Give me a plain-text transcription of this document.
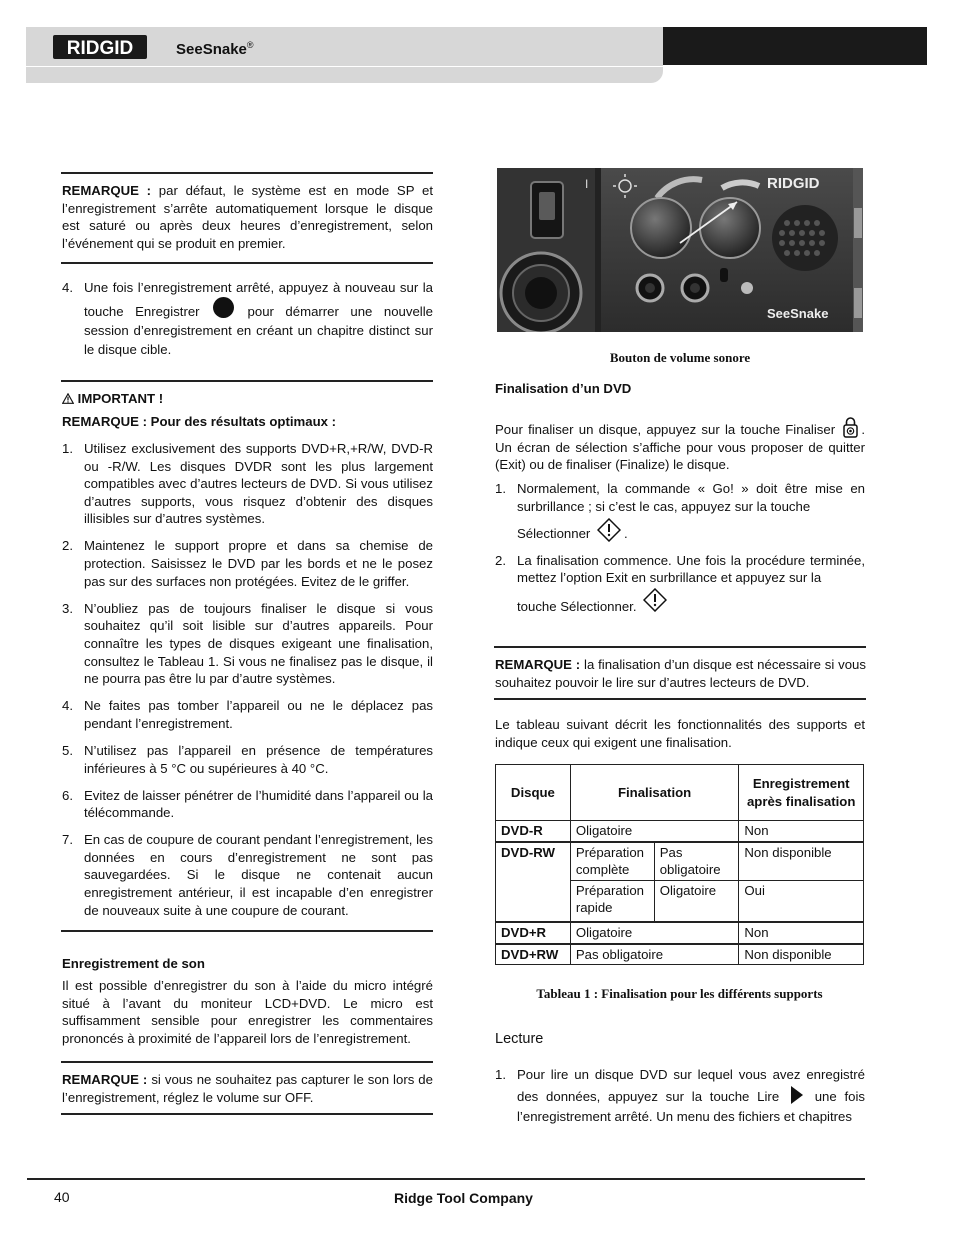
RIDGID	SeeSnake®

REMARQUE : par défaut, le système est en mode SP et l’enregistrement s’arrête automatiquement lorsque le disque est saturé ou après deux heures d’enregistrement, selon l’événement qui se produit en premier.

4. Une fois l’enregistrement arrêté, appuyez à nouveau sur la touche Enregistrer	pour démarrer une nouvelle session d’enregistrement en créant un chapitre distinct sur le disque cible.
IMPORTANT !
REMARQUE : Pour des résultats optimaux :
1. Utilisez exclusivement des supports DVD+R,+R/W, DVD-R ou -R/W. Les disques DVDR sont les plus largement compatibles avec d’autres lecteurs de DVD. Si vous utilisez d’autres supports, vous risquez d’obtenir des disques illisibles sur d’autres systèmes.
2. Maintenez le support propre et dans sa chemise de protection. Saisissez le DVD par les bords et ne le posez pas sur des surfaces non protégées. Evitez de le griffer.
3. N’oubliez pas de toujours finaliser le disque si vous souhaitez qu’il soit lisible sur d’autres appareils. Pour connaître les types de disques exigeant une finalisation, consultez le Tableau 1. Si vous ne finalisez pas le disque, il ne pourra pas être lu par d’autre systèmes.
4. Ne faites pas tomber l’appareil ou ne le déplacez pas pendant l’enregistrement.
5. N’utilisez pas l’appareil en présence de températures inférieures à 5 °C ou supérieures à 40 °C.
6. Evitez de laisser pénétrer de l’humidité dans l’appareil ou la télécommande.
7. En cas de coupure de courant pendant l’enregistrement, les données en cours d’enregistrement ne sont pas sauvegardées. Si le disque ne contenait aucun enregistrement antérieur, il est incapable d’en enregistrer de nouveaux suite à une coupure de courant.
Enregistrement de son

Il est possible d’enregistrer du son à l’aide du micro intégré situé à l’avant du moniteur LCD+DVD. Le micro est suffisamment sensible pour enregistrer les commentaires prononcés à proximité de l’appareil lors de l’enregistrement.

REMARQUE : si vous ne souhaitez pas capturer le son lors de l’enregistrement, réglez le volume sur OFF.

I	RIDGID
SeeSnake
Bouton de volume sonore
Finalisation d’un DVD

Pour finaliser un disque, appuyez sur la touche Finaliser . Un écran de sélection s’affiche pour vous proposer de quitter (Exit) ou de finaliser (Finalize) le disque.

1. Normalement, la commande « Go! » doit être mise en surbrillance ; si c’est le cas, appuyez sur la touche
Sélectionner	.
2. La finalisation commence. Une fois la procédure terminée, mettez l’option Exit en surbrillance et appuyez sur la
touche Sélectionner.

REMARQUE : la finalisation d’un disque est nécessaire si vous souhaitez pouvoir le lire sur d’autres lecteurs de DVD.

Le tableau suivant décrit les fonctionnalités des supports et indique ceux qui exigent une finalisation.

Disque	Finalisation		Enregistrement après finalisation
DVD-R	Oligatoire		Non
DVD-RW	Préparation complète	Pas obligatoire	Non disponible
	Préparation rapide	Oligatoire	Oui
DVD+R	Oligatoire		Non
DVD+RW	Pas obligatoire		Non disponible
Tableau 1 : Finalisation pour les différents supports
Lecture
1. Pour lire un disque DVD sur lequel vous avez enregistré des données, appuyez sur la touche Lire  une fois l’enregistrement arrêté. Un menu des fichiers et chapitres
40	Ridge Tool Company
